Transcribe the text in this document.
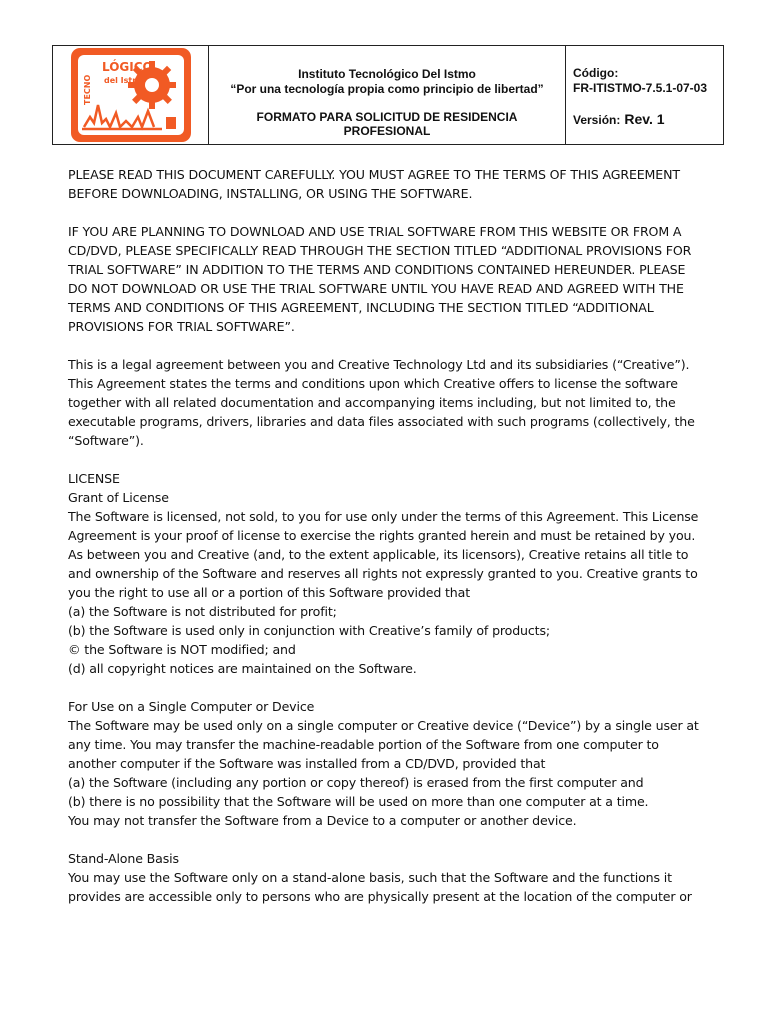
LÓGICO
del Istmo
TECNO
Instituto Tecnológico Del Istmo
“Por una tecnología propia como principio de libertad”
FORMATO PARA SOLICITUD DE RESIDENCIA PROFESIONAL
Código:
FR-ITISTMO-7.5.1-07-03
Versión: Rev. 1
PLEASE READ THIS DOCUMENT CAREFULLY. YOU MUST AGREE TO THE TERMS OF THIS AGREEMENT
BEFORE DOWNLOADING, INSTALLING, OR USING THE SOFTWARE.
IF YOU ARE PLANNING TO DOWNLOAD AND USE TRIAL SOFTWARE FROM THIS WEBSITE OR FROM A
CD/DVD, PLEASE SPECIFICALLY READ THROUGH THE SECTION TITLED “ADDITIONAL PROVISIONS FOR
TRIAL SOFTWARE” IN ADDITION TO THE TERMS AND CONDITIONS CONTAINED HEREUNDER. PLEASE
DO NOT DOWNLOAD OR USE THE TRIAL SOFTWARE UNTIL YOU HAVE READ AND AGREED WITH THE
TERMS AND CONDITIONS OF THIS AGREEMENT, INCLUDING THE SECTION TITLED “ADDITIONAL
PROVISIONS FOR TRIAL SOFTWARE”.
This is a legal agreement between you and Creative Technology Ltd and its subsidiaries (“Creative”).
This Agreement states the terms and conditions upon which Creative offers to license the software
together with all related documentation and accompanying items including, but not limited to, the
executable programs, drivers, libraries and data files associated with such programs (collectively, the
“Software”).
LICENSE
Grant of License
The Software is licensed, not sold, to you for use only under the terms of this Agreement. This License
Agreement is your proof of license to exercise the rights granted herein and must be retained by you.
As between you and Creative (and, to the extent applicable, its licensors), Creative retains all title to
and ownership of the Software and reserves all rights not expressly granted to you. Creative grants to
you the right to use all or a portion of this Software provided that
(a) the Software is not distributed for profit;
(b) the Software is used only in conjunction with Creative’s family of products;
© the Software is NOT modified; and
(d) all copyright notices are maintained on the Software.
For Use on a Single Computer or Device
The Software may be used only on a single computer or Creative device (“Device”) by a single user at
any time. You may transfer the machine-readable portion of the Software from one computer to
another computer if the Software was installed from a CD/DVD, provided that
(a) the Software (including any portion or copy thereof) is erased from the first computer and
(b) there is no possibility that the Software will be used on more than one computer at a time.
You may not transfer the Software from a Device to a computer or another device.
Stand-Alone Basis
You may use the Software only on a stand-alone basis, such that the Software and the functions it
provides are accessible only to persons who are physically present at the location of the computer or
